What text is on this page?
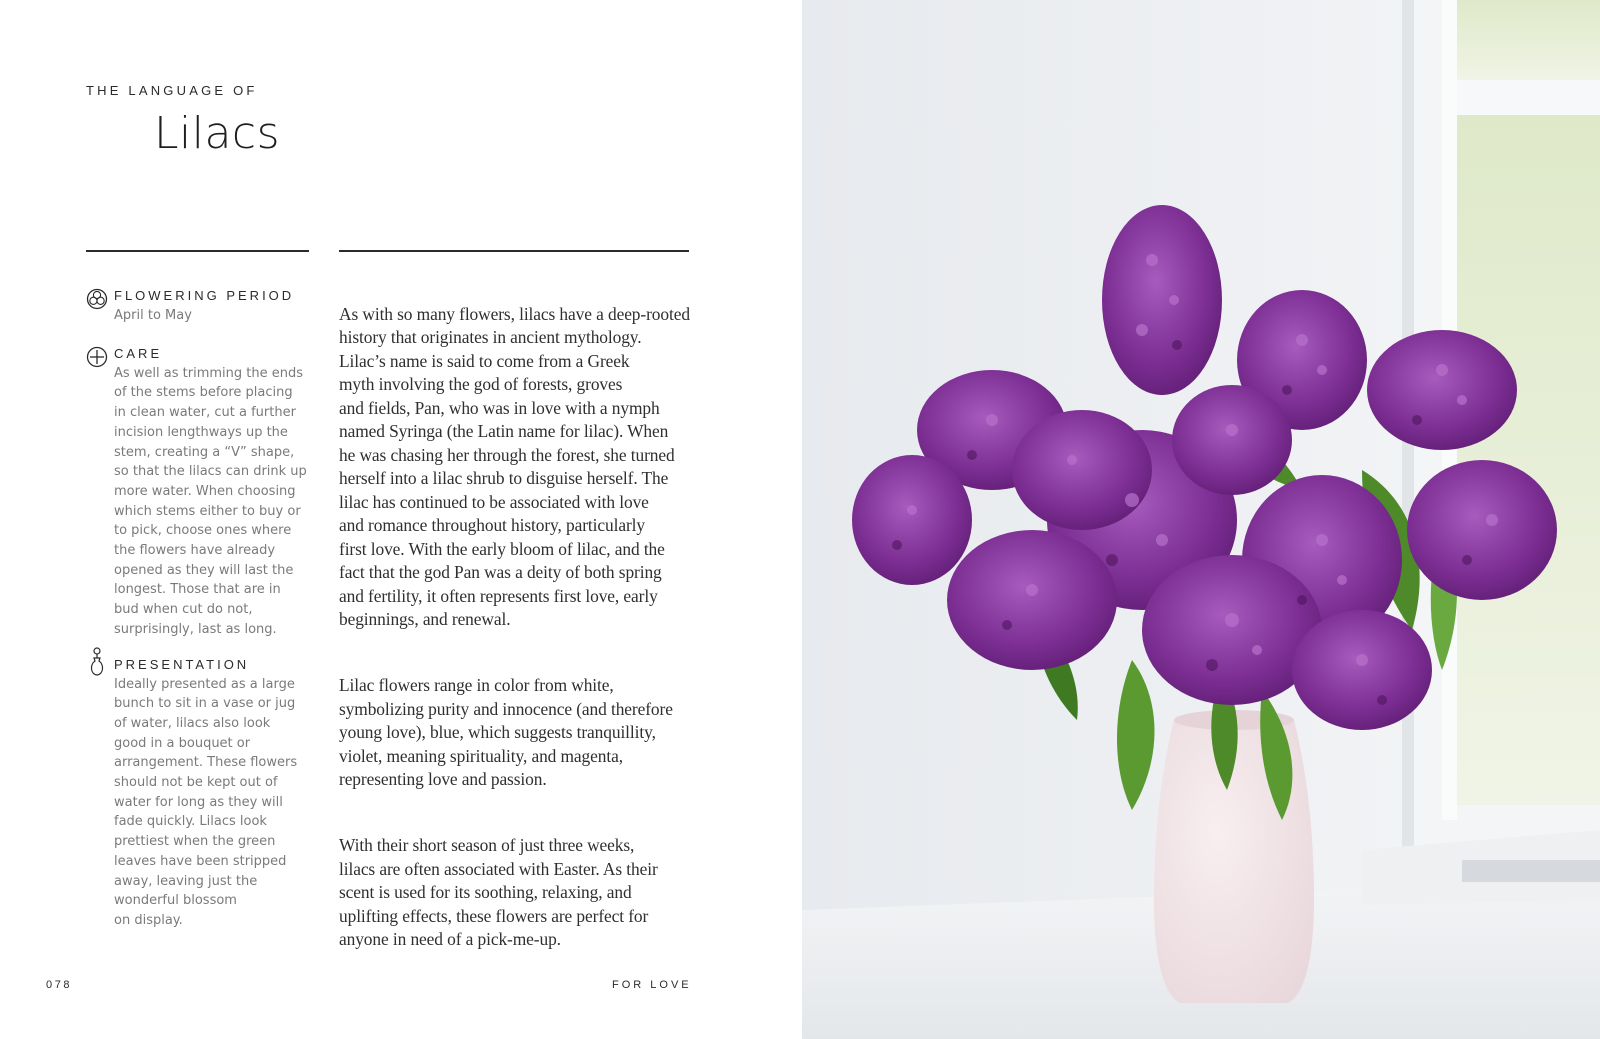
THE LANGUAGE OF
Lilacs
FLOWERING PERIOD
April to May
CARE
As well as trimming the ends
of the stems before placing
in clean water, cut a further
incision lengthways up the
stem, creating a “V” shape,
so that the lilacs can drink up
more water. When choosing
which stems either to buy or
to pick, choose ones where
the flowers have already
opened as they will last the
longest. Those that are in
bud when cut do not,
surprisingly, last as long.
PRESENTATION
Ideally presented as a large
bunch to sit in a vase or jug
of water, lilacs also look
good in a bouquet or
arrangement. These flowers
should not be kept out of
water for long as they will
fade quickly. Lilacs look
prettiest when the green
leaves have been stripped
away, leaving just the
wonderful blossom
on display.

As with so many flowers, lilacs have a deep-rooted
history that originates in ancient mythology.
Lilac’s name is said to come from a Greek
myth involving the god of forests, groves
and fields, Pan, who was in love with a nymph
named Syringa (the Latin name for lilac). When
he was chasing her through the forest, she turned
herself into a lilac shrub to disguise herself. The
lilac has continued to be associated with love
and romance throughout history, particularly
first love. With the early bloom of lilac, and the
fact that the god Pan was a deity of both spring
and fertility, it often represents first love, early
beginnings, and renewal.

Lilac flowers range in color from white,
symbolizing purity and innocence (and therefore
young love), blue, which suggests tranquillity,
violet, meaning spirituality, and magenta,
representing love and passion.

With their short season of just three weeks,
lilacs are often associated with Easter. As their
scent is used for its soothing, relaxing, and
uplifting effects, these flowers are perfect for
anyone in need of a pick-me-up.

078	FOR LOVE
